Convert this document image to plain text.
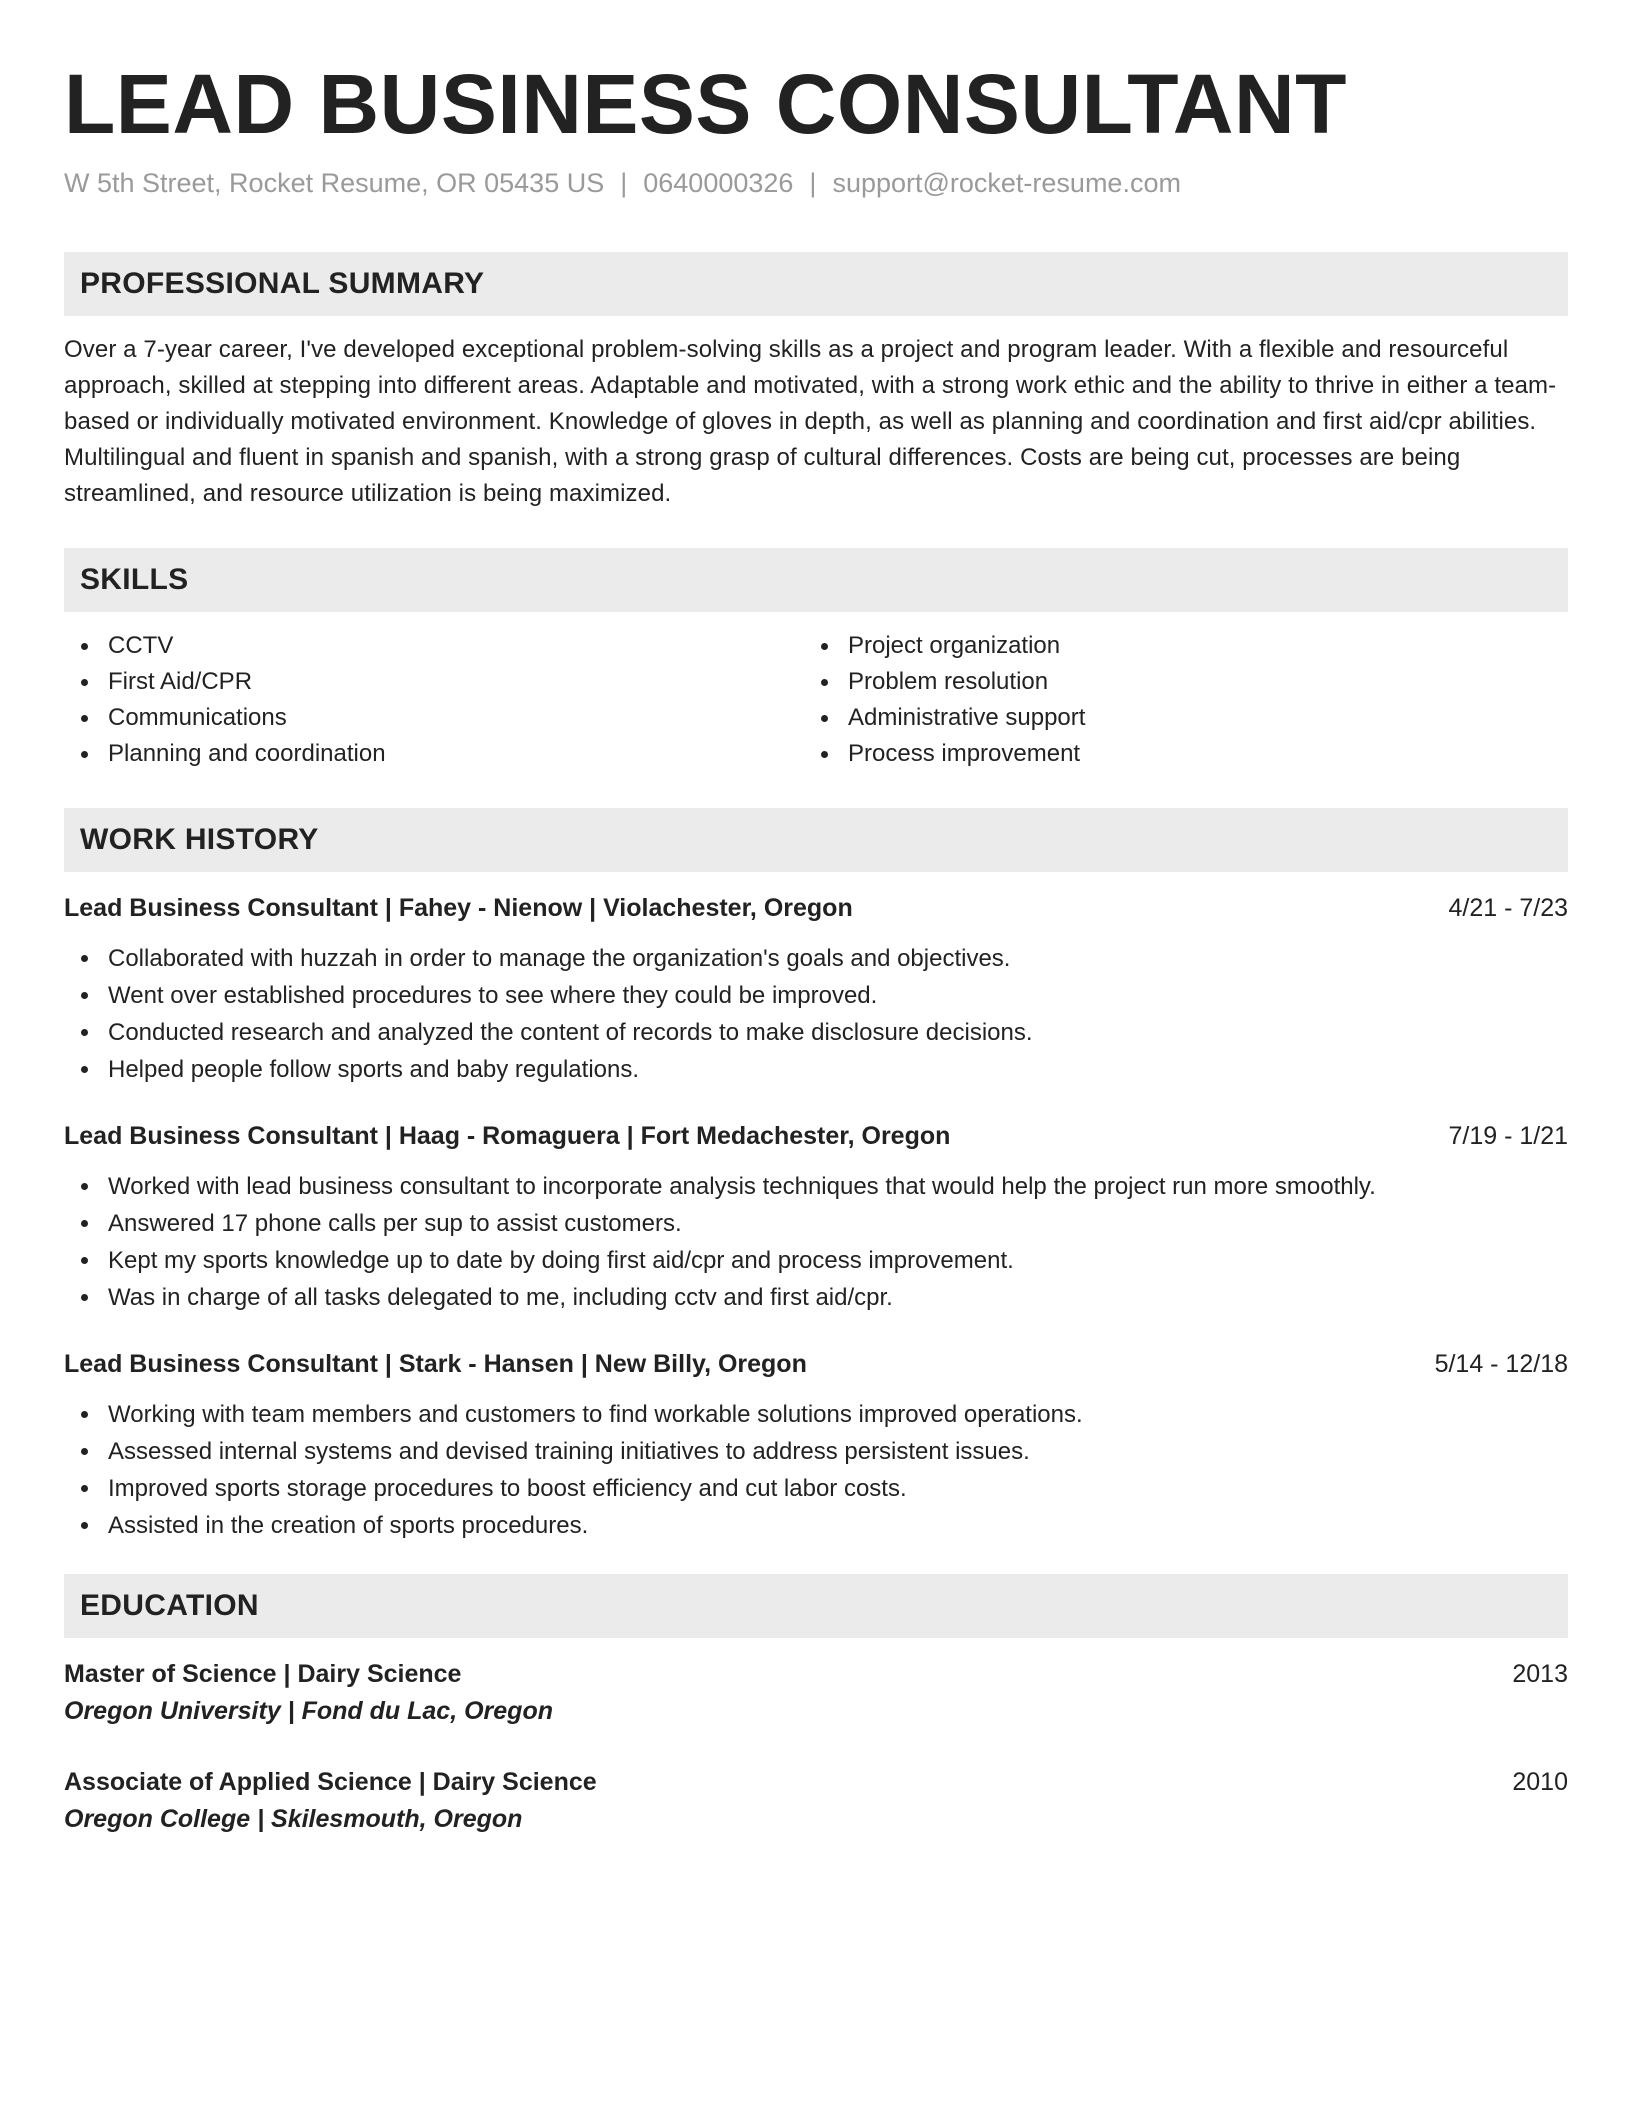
LEAD BUSINESS CONSULTANT
W 5th Street, Rocket Resume, OR 05435 US | 0640000326 | support@rocket-resume.com
PROFESSIONAL SUMMARY
Over a 7-year career, I've developed exceptional problem-solving skills as a project and program leader. With a flexible and resourceful approach, skilled at stepping into different areas. Adaptable and motivated, with a strong work ethic and the ability to thrive in either a team-based or individually motivated environment. Knowledge of gloves in depth, as well as planning and coordination and first aid/cpr abilities. Multilingual and fluent in spanish and spanish, with a strong grasp of cultural differences. Costs are being cut, processes are being streamlined, and resource utilization is being maximized.
SKILLS
CCTV
First Aid/CPR
Communications
Planning and coordination
Project organization
Problem resolution
Administrative support
Process improvement
WORK HISTORY
Lead Business Consultant | Fahey - Nienow | Violachester, Oregon	4/21 - 7/23
Collaborated with huzzah in order to manage the organization's goals and objectives.
Went over established procedures to see where they could be improved.
Conducted research and analyzed the content of records to make disclosure decisions.
Helped people follow sports and baby regulations.
Lead Business Consultant | Haag - Romaguera | Fort Medachester, Oregon	7/19 - 1/21
Worked with lead business consultant to incorporate analysis techniques that would help the project run more smoothly.
Answered 17 phone calls per sup to assist customers.
Kept my sports knowledge up to date by doing first aid/cpr and process improvement.
Was in charge of all tasks delegated to me, including cctv and first aid/cpr.
Lead Business Consultant | Stark - Hansen | New Billy, Oregon	5/14 - 12/18
Working with team members and customers to find workable solutions improved operations.
Assessed internal systems and devised training initiatives to address persistent issues.
Improved sports storage procedures to boost efficiency and cut labor costs.
Assisted in the creation of sports procedures.
EDUCATION
Master of Science | Dairy Science	2013
Oregon University | Fond du Lac, Oregon
Associate of Applied Science | Dairy Science	2010
Oregon College | Skilesmouth, Oregon
